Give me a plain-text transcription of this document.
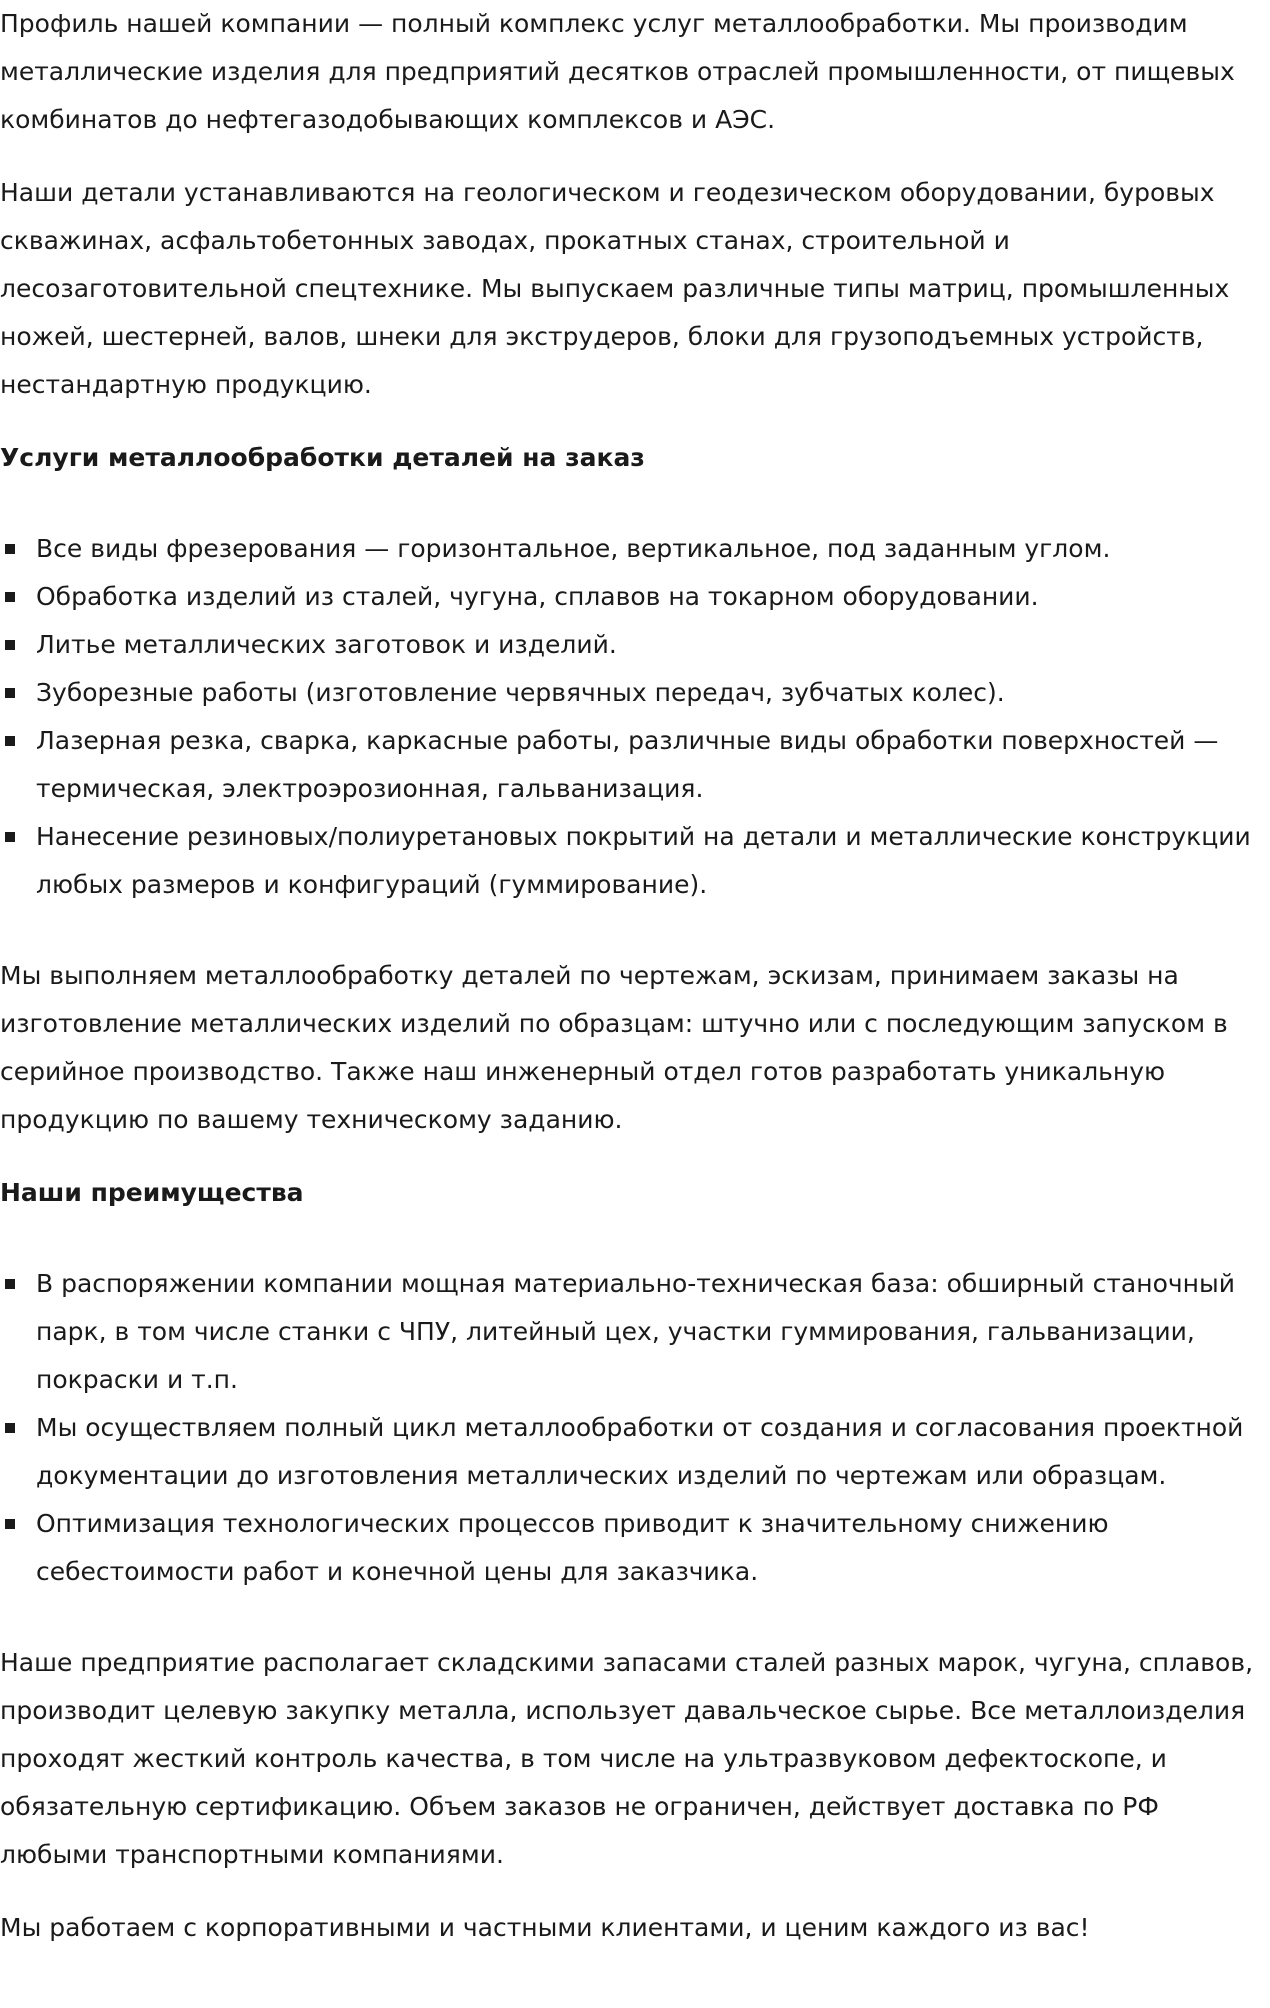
Профиль нашей компании — полный комплекс услуг металлообработки. Мы производим металлические изделия для предприятий десятков отраслей промышленности, от пищевых комбинатов до нефтегазодобывающих комплексов и АЭС.

Наши детали устанавливаются на геологическом и геодезическом оборудовании, буровых скважинах, асфальтобетонных заводах, прокатных станах, строительной и лесозаготовительной спецтехнике. Мы выпускаем различные типы матриц, промышленных ножей, шестерней, валов, шнеки для экструдеров, блоки для грузоподъемных устройств, нестандартную продукцию.

Услуги металлообработки деталей на заказ
Все виды фрезерования — горизонтальное, вертикальное, под заданным углом.
Обработка изделий из сталей, чугуна, сплавов на токарном оборудовании.
Литье металлических заготовок и изделий.
Зуборезные работы (изготовление червячных передач, зубчатых колес).
Лазерная резка, сварка, каркасные работы, различные виды обработки поверхностей — термическая, электроэрозионная, гальванизация.
Нанесение резиновых/полиуретановых покрытий на детали и металлические конструкции любых размеров и конфигураций (гуммирование).

Мы выполняем металлообработку деталей по чертежам, эскизам, принимаем заказы на изготовление металлических изделий по образцам: штучно или с последующим запуском в серийное производство. Также наш инженерный отдел готов разработать уникальную продукцию по вашему техническому заданию.

Наши преимущества
В распоряжении компании мощная материально-техническая база: обширный станочный парк, в том числе станки с ЧПУ, литейный цех, участки гуммирования, гальванизации, покраски и т.п.
Мы осуществляем полный цикл металлообработки от создания и согласования проектной документации до изготовления металлических изделий по чертежам или образцам.
Оптимизация технологических процессов приводит к значительному снижению себестоимости работ и конечной цены для заказчика.

Наше предприятие располагает складскими запасами сталей разных марок, чугуна, сплавов, производит целевую закупку металла, использует давальческое сырье. Все металлоизделия проходят жесткий контроль качества, в том числе на ультразвуковом дефектоскопе, и обязательную сертификацию. Объем заказов не ограничен, действует доставка по РФ любыми транспортными компаниями.

Мы работаем с корпоративными и частными клиентами, и ценим каждого из вас!
